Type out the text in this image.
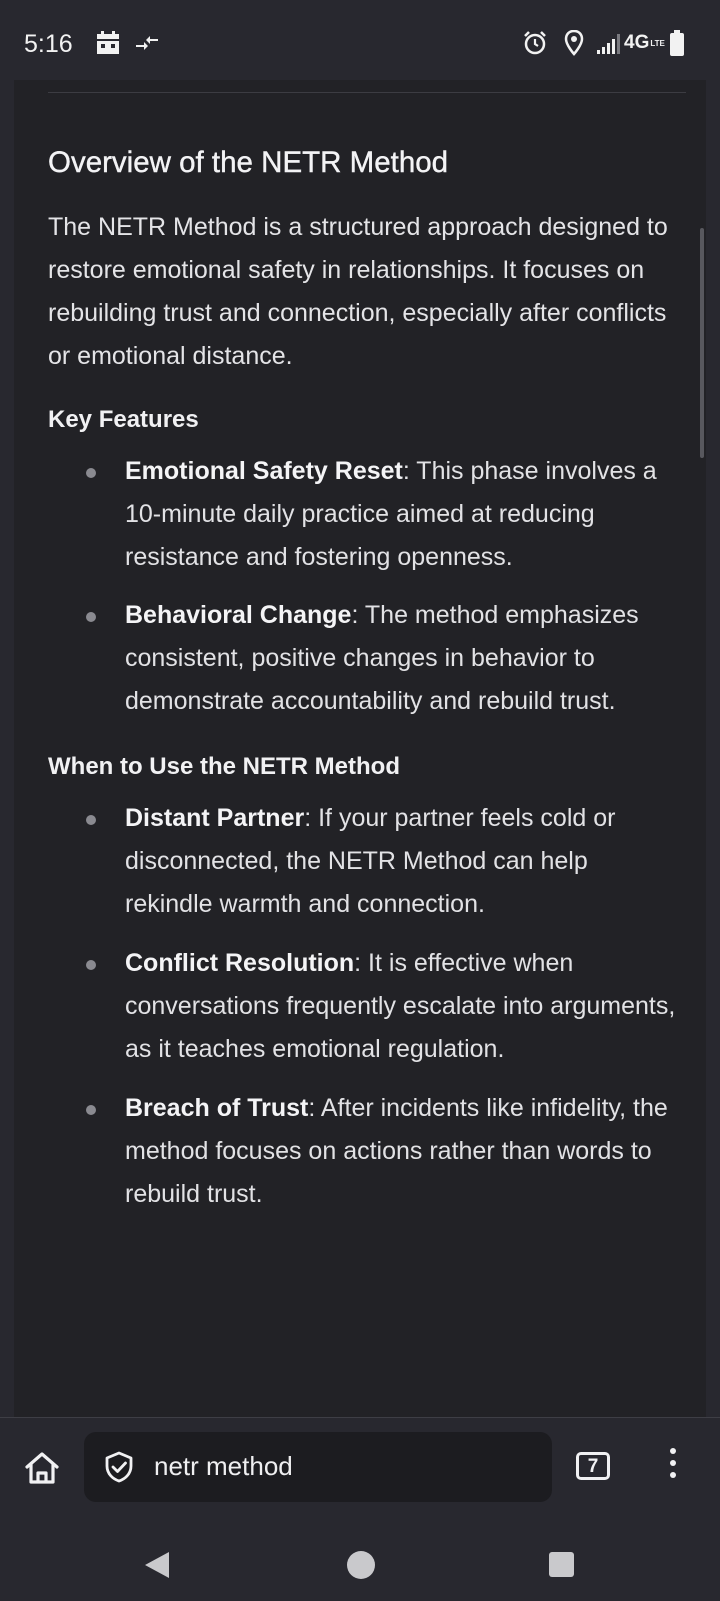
5:16	4G LTE
Overview of the NETR Method

The NETR Method is a structured approach designed to restore emotional safety in relationships. It focuses on rebuilding trust and connection, especially after conflicts or emotional distance.

Key Features
Emotional Safety Reset: This phase involves a 10-minute daily practice aimed at reducing resistance and fostering openness.
Behavioral Change: The method emphasizes consistent, positive changes in behavior to demonstrate accountability and rebuild trust.
When to Use the NETR Method
Distant Partner: If your partner feels cold or disconnected, the NETR Method can help rekindle warmth and connection.
Conflict Resolution: It is effective when conversations frequently escalate into arguments, as it teaches emotional regulation.
Breach of Trust: After incidents like infidelity, the method focuses on actions rather than words to rebuild trust.
netr method	7
